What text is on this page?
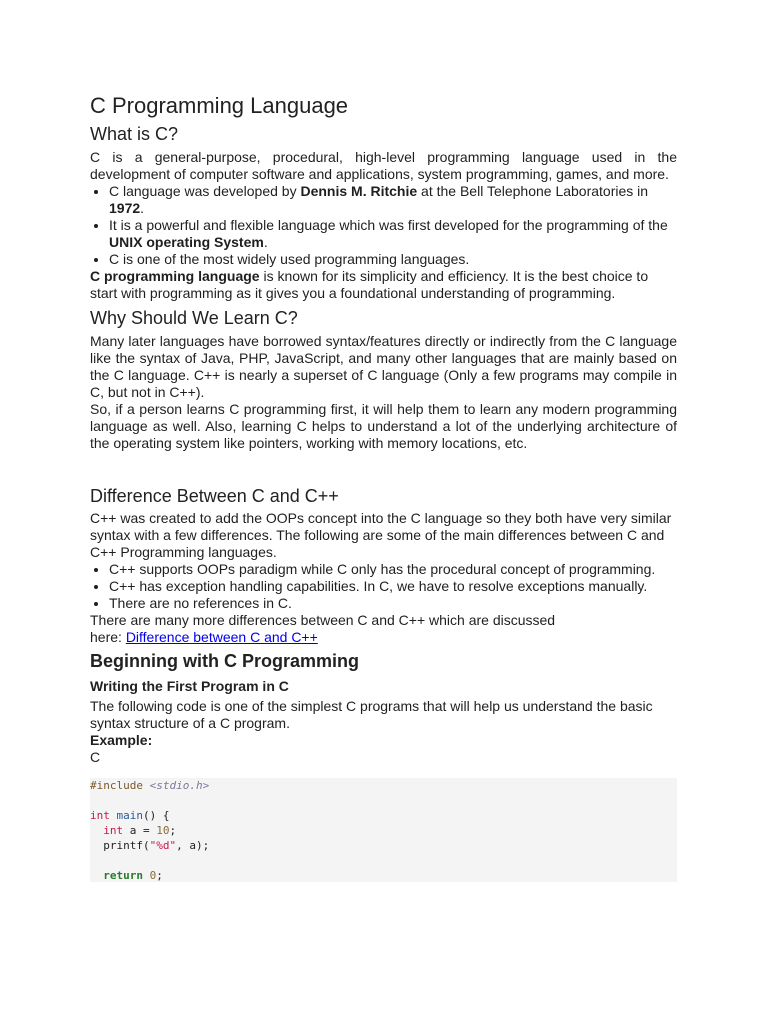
C Programming Language
What is C?

C is a general-purpose, procedural, high-level programming language used in the development of computer software and applications, system programming, games, and more.

• C language was developed by Dennis M. Ritchie at the Bell Telephone Laboratories in 1972.
• It is a powerful and flexible language which was first developed for the programming of the UNIX operating System.
• C is one of the most widely used programming languages.

C programming language is known for its simplicity and efficiency. It is the best choice to start with programming as it gives you a foundational understanding of programming.

Why Should We Learn C?

Many later languages have borrowed syntax/features directly or indirectly from the C language like the syntax of Java, PHP, JavaScript, and many other languages that are mainly based on the C language. C++ is nearly a superset of C language (Only a few programs may compile in C, but not in C++).

So, if a person learns C programming first, it will help them to learn any modern programming language as well. Also, learning C helps to understand a lot of the underlying architecture of the operating system like pointers, working with memory locations, etc.

Difference Between C and C++

C++ was created to add the OOPs concept into the C language so they both have very similar syntax with a few differences. The following are some of the main differences between C and C++ Programming languages.

• C++ supports OOPs paradigm while C only has the procedural concept of programming.
• C++ has exception handling capabilities. In C, we have to resolve exceptions manually.
• There are no references in C.

There are many more differences between C and C++ which are discussed
here: Difference between C and C++

Beginning with C Programming
Writing the First Program in C

The following code is one of the simplest C programs that will help us understand the basic syntax structure of a C program.

Example:

C

#include <stdio.h>

int main() {
int a = 10;
printf("%d", a);

return 0;
